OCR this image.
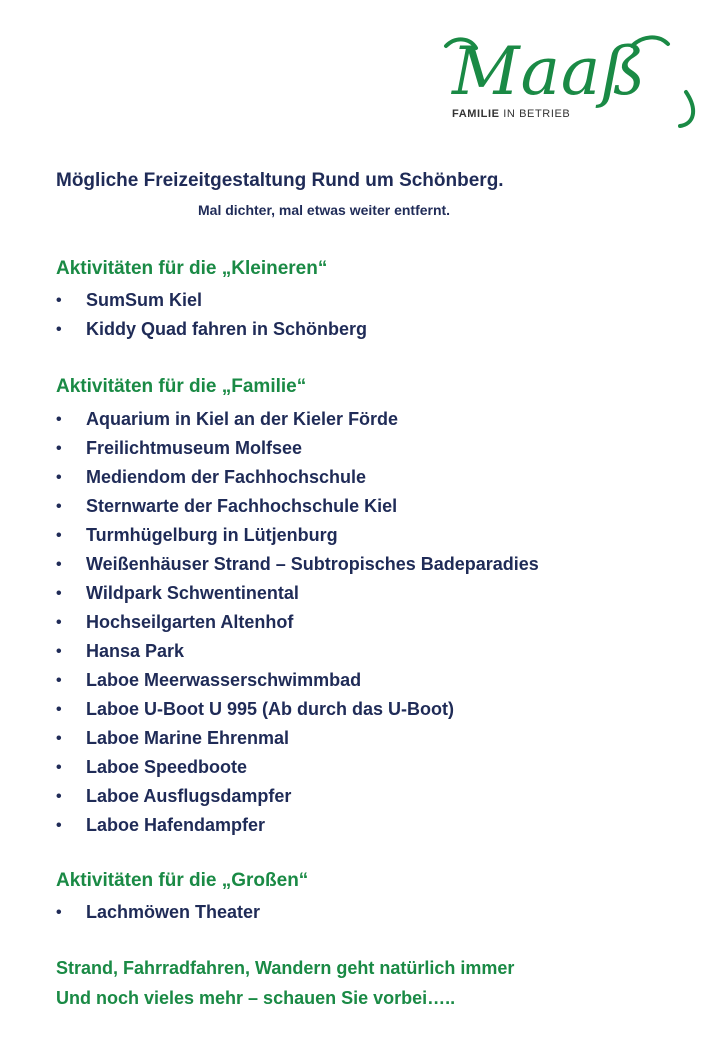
Maaß
FAMILIE IN BETRIEB
Mögliche Freizeitgestaltung Rund um Schönberg.
Mal dichter, mal etwas weiter entfernt.
Aktivitäten für die „Kleineren“
•	SumSum Kiel
•	Kiddy Quad fahren in Schönberg
Aktivitäten für die „Familie“
•	Aquarium in Kiel an der Kieler Förde
•	Freilichtmuseum Molfsee
•	Mediendom der Fachhochschule
•	Sternwarte der Fachhochschule Kiel
•	Turmhügelburg in Lütjenburg
•	Weißenhäuser Strand – Subtropisches Badeparadies
•	Wildpark Schwentinental
•	Hochseilgarten Altenhof
•	Hansa Park
•	Laboe Meerwasserschwimmbad
•	Laboe U-Boot U 995 (Ab durch das U-Boot)
•	Laboe Marine Ehrenmal
•	Laboe Speedboote
•	Laboe Ausflugsdampfer
•	Laboe Hafendampfer
Aktivitäten für die „Großen“
•	Lachmöwen Theater
Strand, Fahrradfahren, Wandern geht natürlich immer
Und noch vieles mehr – schauen Sie vorbei…..
